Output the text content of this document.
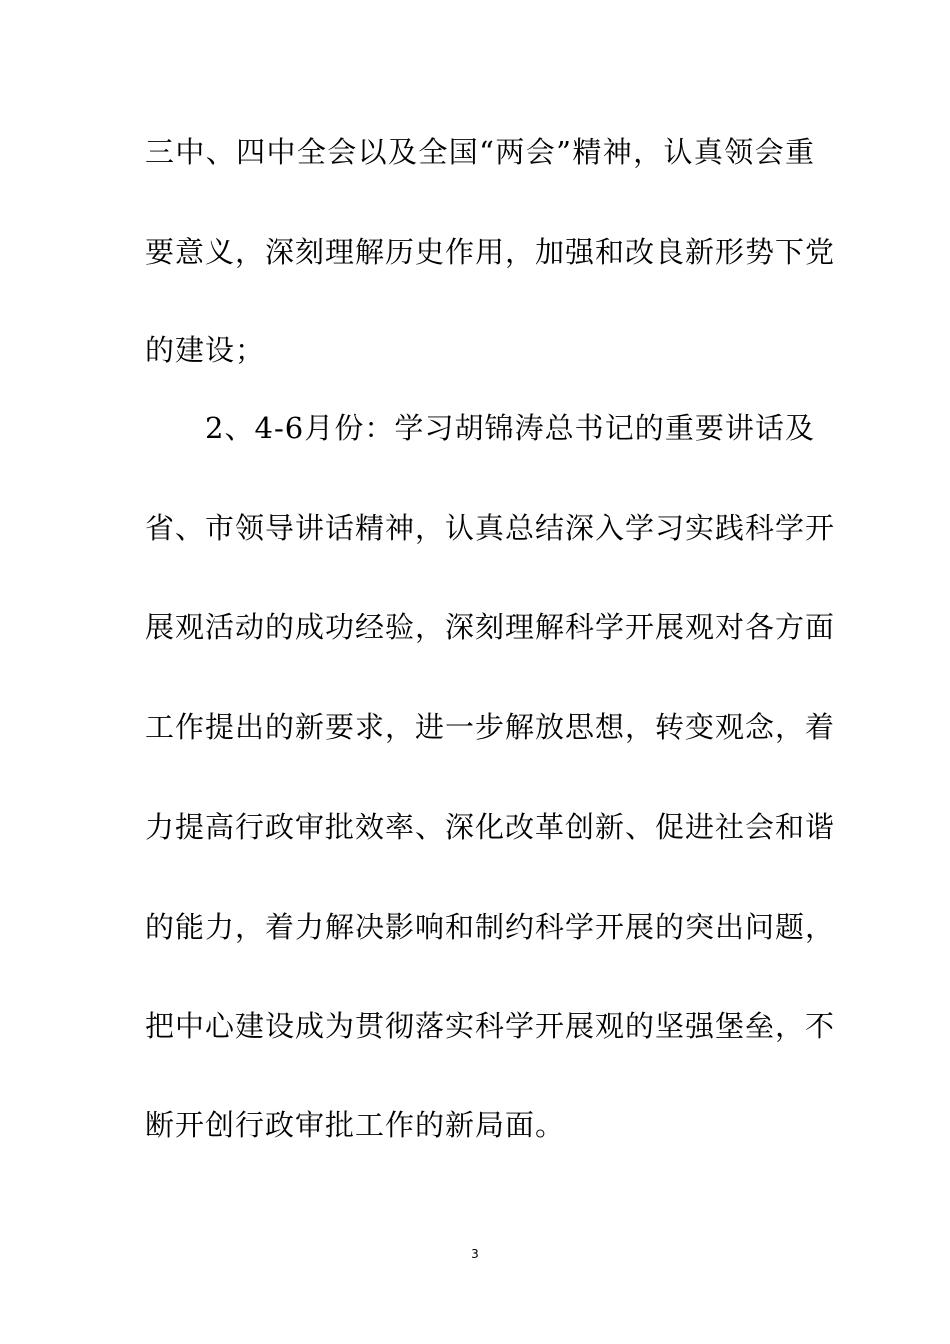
三中、四中全会以及全国“两会”精神，认真领会重
要意义，深刻理解历史作用，加强和改良新形势下党
的建设；
2、4-6月份：学习胡锦涛总书记的重要讲话及
省、市领导讲话精神，认真总结深入学习实践科学开
展观活动的成功经验，深刻理解科学开展观对各方面
工作提出的新要求，进一步解放思想，转变观念，着
力提高行政审批效率、深化改革创新、促进社会和谐
的能力，着力解决影响和制约科学开展的突出问题，
把中心建设成为贯彻落实科学开展观的坚强堡垒，不
断开创行政审批工作的新局面。
3
